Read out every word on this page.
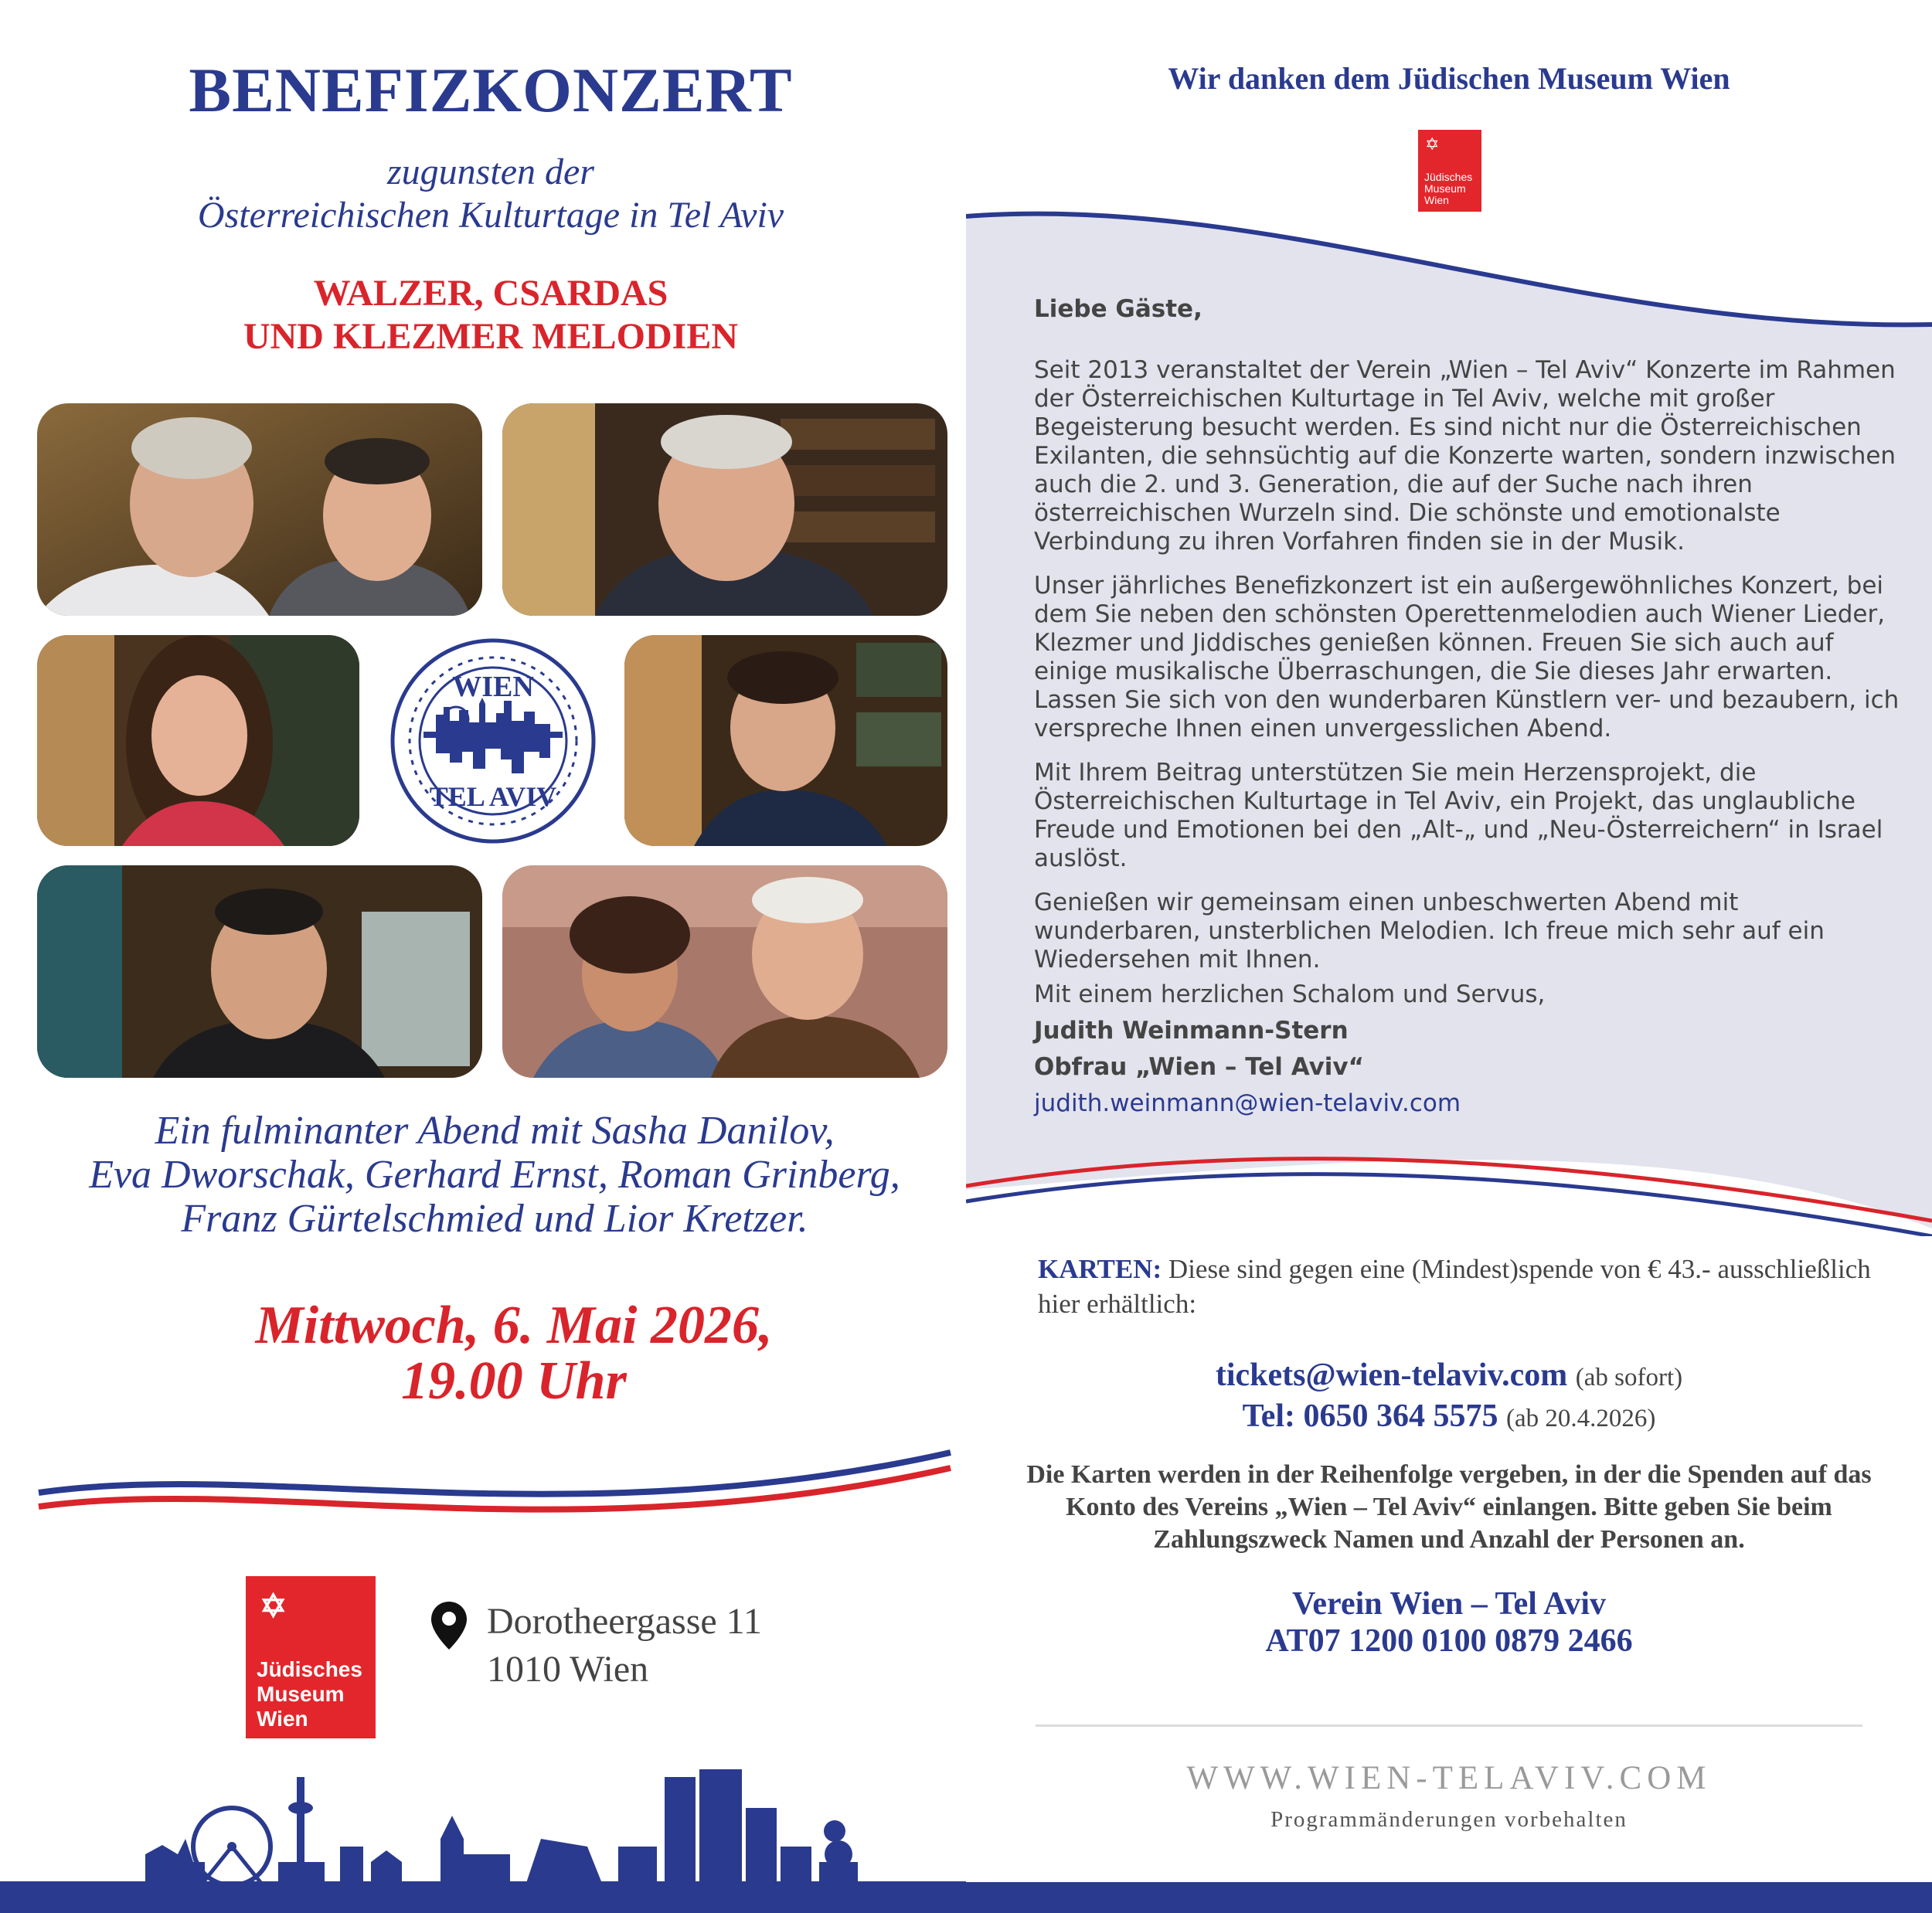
BENEFIZKONZERT
zugunsten der
Österreichischen Kulturtage in Tel Aviv
WALZER, CSARDAS
UND KLEZMER MELODIEN
WIEN
TEL AVIV
Ein fulminanter Abend mit Sasha Danilov,
Eva Dworschak, Gerhard Ernst, Roman Grinberg,
Franz Gürtelschmied und Lior Kretzer.
Mittwoch, 6. Mai 2026,
19.00 Uhr
✡
Jüdisches
Museum
Wien
Dorotheergasse 11
1010 Wien
Wir danken dem Jüdischen Museum Wien
✡
Jüdisches
Museum
Wien

Liebe Gäste,

Seit 2013 veranstaltet der Verein „Wien – Tel Aviv“ Konzerte im Rahmen der Österreichischen Kulturtage in Tel Aviv, welche mit großer Begeisterung besucht werden. Es sind nicht nur die Österreichischen Exilanten, die sehnsüchtig auf die Konzerte warten, sondern inzwischen auch die 2. und 3. Generation, die auf der Suche nach ihren österreichischen Wurzeln sind. Die schönste und emotionalste Verbindung zu ihren Vorfahren finden sie in der Musik.

Unser jährliches Benefizkonzert ist ein außergewöhnliches Konzert, bei dem Sie neben den schönsten Operettenmelodien auch Wiener Lieder, Klezmer und Jiddisches genießen können. Freuen Sie sich auch auf einige musikalische Überraschungen, die Sie dieses Jahr erwarten. Lassen Sie sich von den wunderbaren Künstlern ver- und bezaubern, ich verspreche Ihnen einen unvergesslichen Abend.

Mit Ihrem Beitrag unterstützen Sie mein Herzensprojekt, die Österreichischen Kulturtage in Tel Aviv, ein Projekt, das unglaubliche Freude und Emotionen bei den „Alt-„ und „Neu-Österreichern“ in Israel auslöst.

Genießen wir gemeinsam einen unbeschwerten Abend mit wunderbaren, unsterblichen Melodien. Ich freue mich sehr auf ein Wiedersehen mit Ihnen.

Mit einem herzlichen Schalom und Servus,

Judith Weinmann-Stern

Obfrau „Wien – Tel Aviv“

judith.weinmann@wien-telaviv.com

KARTEN: Diese sind gegen eine (Mindest)spende von € 43.- ausschließlich hier erhältlich:
tickets@wien-telaviv.com (ab sofort)
Tel: 0650 364 5575 (ab 20.4.2026)
Die Karten werden in der Reihenfolge vergeben, in der die Spenden auf das Konto des Vereins „Wien – Tel Aviv“ einlangen. Bitte geben Sie beim Zahlungszweck Namen und Anzahl der Personen an.
Verein Wien – Tel Aviv
AT07 1200 0100 0879 2466
WWW.WIEN-TELAVIV.COM
Programmänderungen vorbehalten
